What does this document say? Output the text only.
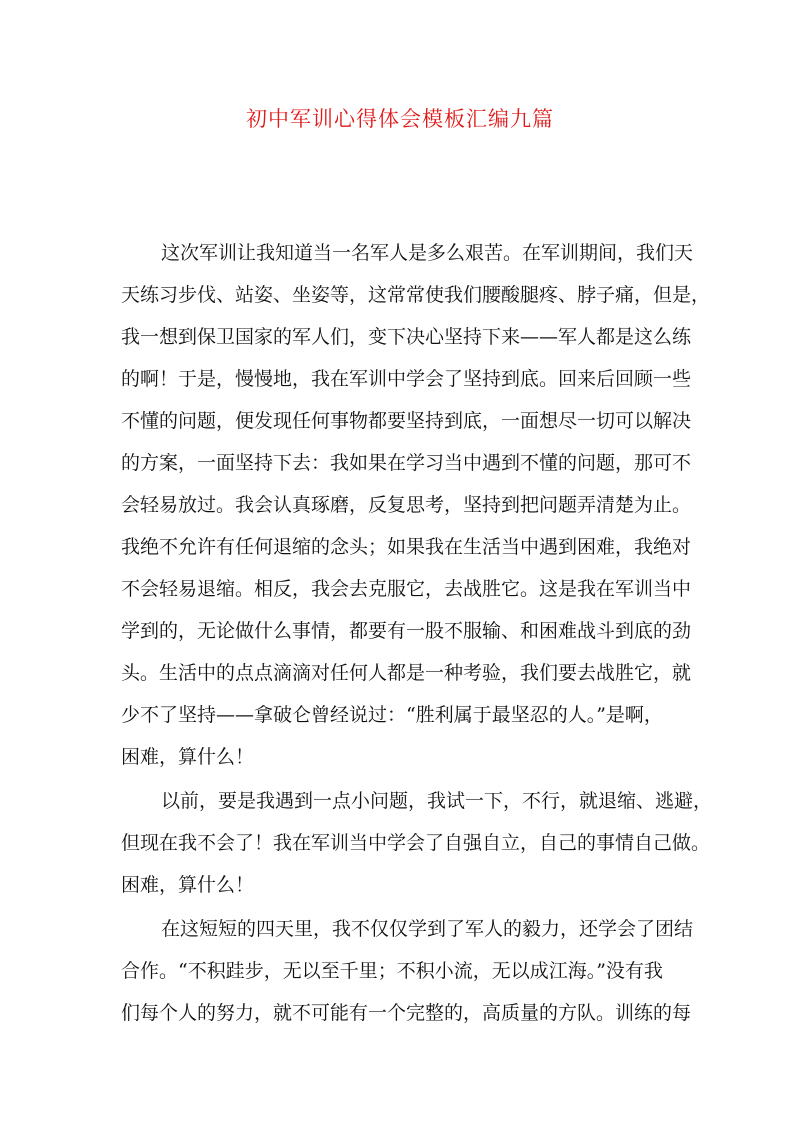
初中军训心得体会模板汇编九篇
这次军训让我知道当一名军人是多么艰苦。在军训期间，我们天
天练习步伐、站姿、坐姿等，这常常使我们腰酸腿疼、脖子痛，但是，
我一想到保卫国家的军人们，变下决心坚持下来——军人都是这么练
的啊！于是，慢慢地，我在军训中学会了坚持到底。回来后回顾一些
不懂的问题，便发现任何事物都要坚持到底，一面想尽一切可以解决
的方案，一面坚持下去：我如果在学习当中遇到不懂的问题，那可不
会轻易放过。我会认真琢磨，反复思考，坚持到把问题弄清楚为止。
我绝不允许有任何退缩的念头；如果我在生活当中遇到困难，我绝对
不会轻易退缩。相反，我会去克服它，去战胜它。这是我在军训当中
学到的，无论做什么事情，都要有一股不服输、和困难战斗到底的劲
头。生活中的点点滴滴对任何人都是一种考验，我们要去战胜它，就
少不了坚持——拿破仑曾经说过：“胜利属于最坚忍的人。”是啊，
困难，算什么！
以前，要是我遇到一点小问题，我试一下，不行，就退缩、逃避，
但现在我不会了！我在军训当中学会了自强自立，自己的事情自己做。
困难，算什么！
在这短短的四天里，我不仅仅学到了军人的毅力，还学会了团结
合作。“不积跬步，无以至千里；不积小流，无以成江海。”没有我
们每个人的努力，就不可能有一个完整的，高质量的方队。训练的每
